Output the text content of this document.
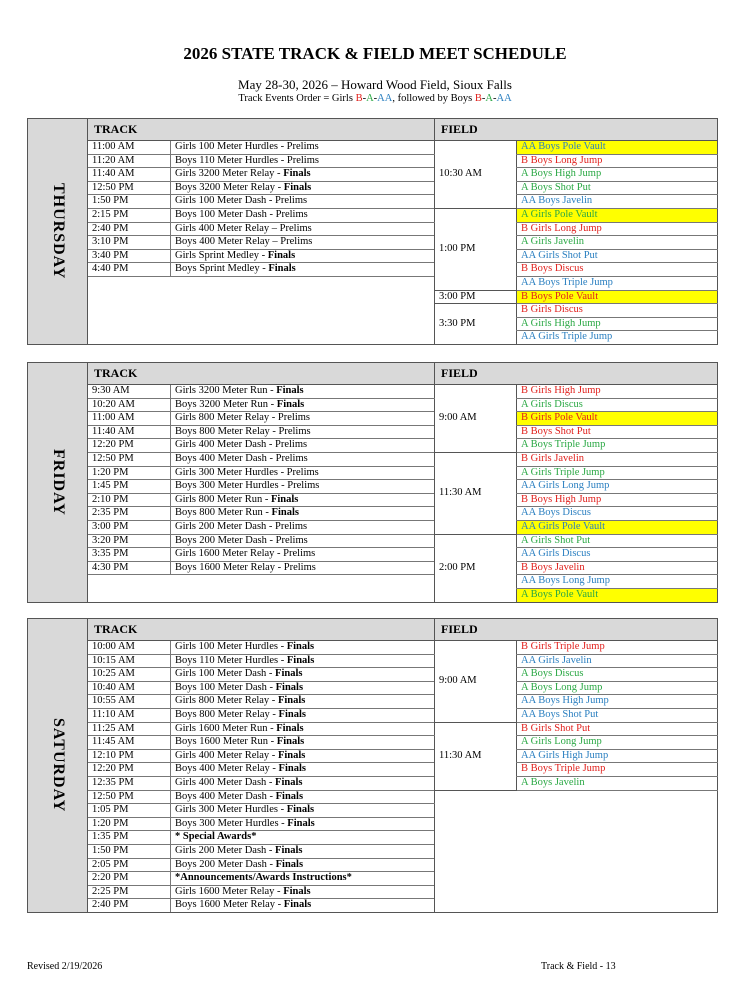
2026 STATE TRACK & FIELD MEET SCHEDULE
May 28-30, 2026 – Howard Wood Field, Sioux Falls
Track Events Order = Girls B-A-AA, followed by Boys B-A-AA
THURSDAY	TRACK		FIELD	
	11:00 AM	Girls 100 Meter Hurdles - Prelims	10:30 AM	AA Boys Pole Vault
	11:20 AM	Boys 110 Meter Hurdles - Prelims		B Boys Long Jump
	11:40 AM	Girls 3200 Meter Relay - Finals		A Boys High Jump
	12:50 PM	Boys 3200 Meter Relay - Finals		A Boys Shot Put
	1:50 PM	Girls 100 Meter Dash - Prelims		AA Boys Javelin
	2:15 PM	Boys 100 Meter Dash - Prelims	1:00 PM	A Girls Pole Vault
	2:40 PM	Girls 400 Meter Relay – Prelims		B Girls Long Jump
	3:10 PM	Boys 400 Meter Relay – Prelims		A Girls Javelin
	3:40 PM	Girls Sprint Medley - Finals		AA Girls Shot Put
	4:40 PM	Boys Sprint Medley - Finals		B Boys Discus
				AA Boys Triple Jump
			3:00 PM	B Boys Pole Vault
			3:30 PM	B Girls Discus
				A Girls High Jump
				AA Girls Triple Jump
FRIDAY	TRACK		FIELD	
	9:30 AM	Girls 3200 Meter Run - Finals	9:00 AM	B Girls High Jump
	10:20 AM	Boys 3200 Meter Run - Finals		A Girls Discus
	11:00 AM	Girls 800 Meter Relay - Prelims		B Girls Pole Vault
	11:40 AM	Boys 800 Meter Relay - Prelims		B Boys Shot Put
	12:20 PM	Girls 400 Meter Dash - Prelims		A Boys Triple Jump
	12:50 PM	Boys 400 Meter Dash - Prelims	11:30 AM	B Girls Javelin
	1:20 PM	Girls 300 Meter Hurdles - Prelims		A Girls Triple Jump
	1:45 PM	Boys 300 Meter Hurdles - Prelims		AA Girls Long Jump
	2:10 PM	Girls 800 Meter Run - Finals		B Boys High Jump
	2:35 PM	Boys 800 Meter Run - Finals		AA Boys Discus
	3:00 PM	Girls 200 Meter Dash - Prelims		AA Girls Pole Vault
	3:20 PM	Boys 200 Meter Dash - Prelims	2:00 PM	A Girls Shot Put
	3:35 PM	Girls 1600 Meter Relay - Prelims		AA Girls Discus
	4:30 PM	Boys 1600 Meter Relay - Prelims		B Boys Javelin
				AA Boys Long Jump
				A Boys Pole Vault
SATURDAY	TRACK		FIELD	
	10:00 AM	Girls 100 Meter Hurdles - Finals	9:00 AM	B Girls Triple Jump
	10:15 AM	Boys 110 Meter Hurdles - Finals		AA Girls Javelin
	10:25 AM	Girls 100 Meter Dash - Finals		A Boys Discus
	10:40 AM	Boys 100 Meter Dash - Finals		A Boys Long Jump
	10:55 AM	Girls 800 Meter Relay - Finals		AA Boys High Jump
	11:10 AM	Boys 800 Meter Relay - Finals		AA Boys Shot Put
	11:25 AM	Girls 1600 Meter Run - Finals	11:30 AM	B Girls Shot Put
	11:45 AM	Boys 1600 Meter Run - Finals		A Girls Long Jump
	12:10 PM	Girls 400 Meter Relay - Finals		AA Girls High Jump
	12:20 PM	Boys 400 Meter Relay - Finals		B Boys Triple Jump
	12:35 PM	Girls 400 Meter Dash - Finals		A Boys Javelin
	12:50 PM	Boys 400 Meter Dash - Finals		
	1:05 PM	Girls 300 Meter Hurdles - Finals		
	1:20 PM	Boys 300 Meter Hurdles - Finals		
	1:35 PM	* Special Awards*		
	1:50 PM	Girls 200 Meter Dash - Finals		
	2:05 PM	Boys 200 Meter Dash - Finals		
	2:20 PM	*Announcements/Awards Instructions*		
	2:25 PM	Girls 1600 Meter Relay - Finals		
	2:40 PM	Boys 1600 Meter Relay - Finals		
Revised 2/19/2026	Track & Field - 13
